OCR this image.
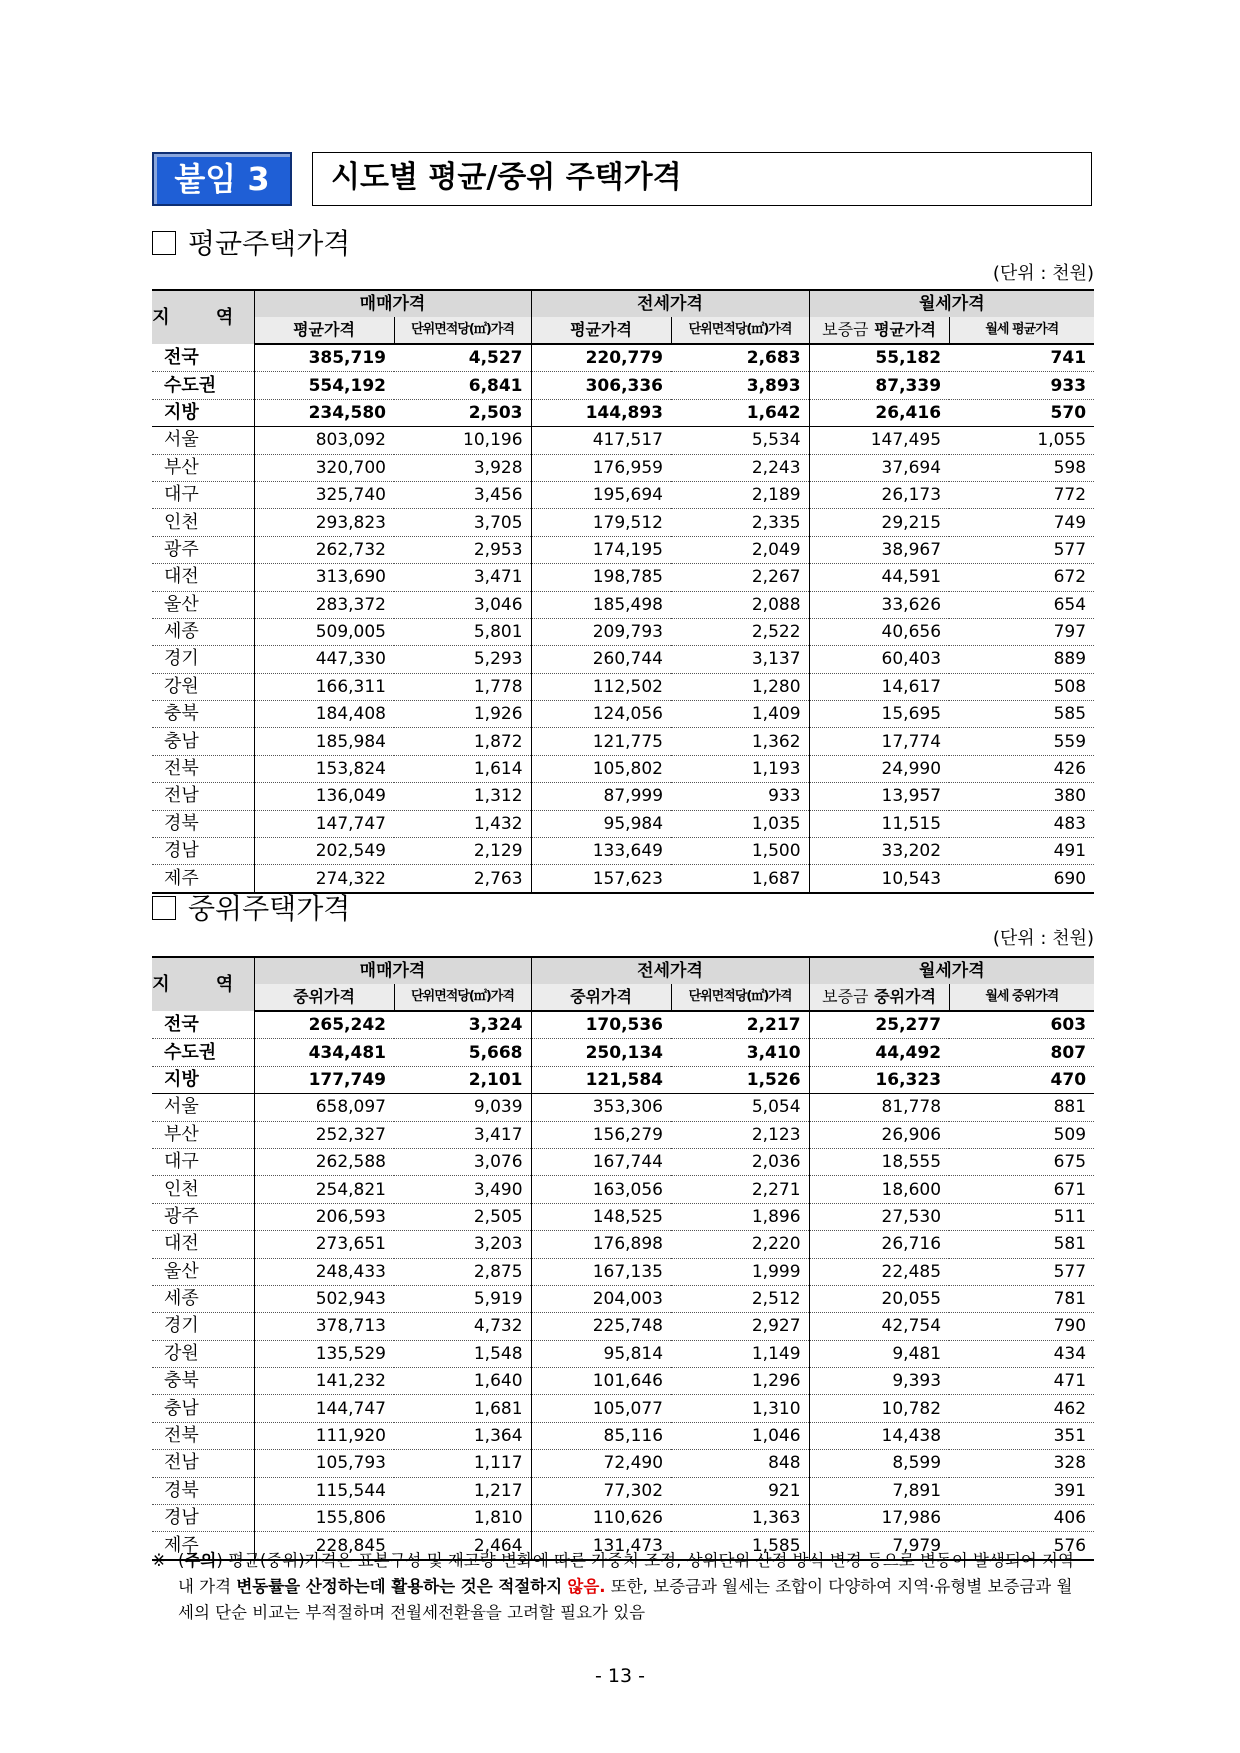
붙임 3	시도별 평균/중위 주택가격
평균주택가격
(단위 : 천원)
지 역	매매가격		전세가격		월세가격	
	평균가격	단위면적당(㎡)가격	평균가격	단위면적당(㎡)가격	보증금 평균가격	월세 평균가격
전국	385,719	4,527	220,779	2,683	55,182	741
수도권	554,192	6,841	306,336	3,893	87,339	933
지방	234,580	2,503	144,893	1,642	26,416	570
서울	803,092	10,196	417,517	5,534	147,495	1,055
부산	320,700	3,928	176,959	2,243	37,694	598
대구	325,740	3,456	195,694	2,189	26,173	772
인천	293,823	3,705	179,512	2,335	29,215	749
광주	262,732	2,953	174,195	2,049	38,967	577
대전	313,690	3,471	198,785	2,267	44,591	672
울산	283,372	3,046	185,498	2,088	33,626	654
세종	509,005	5,801	209,793	2,522	40,656	797
경기	447,330	5,293	260,744	3,137	60,403	889
강원	166,311	1,778	112,502	1,280	14,617	508
충북	184,408	1,926	124,056	1,409	15,695	585
충남	185,984	1,872	121,775	1,362	17,774	559
전북	153,824	1,614	105,802	1,193	24,990	426
전남	136,049	1,312	87,999	933	13,957	380
경북	147,747	1,432	95,984	1,035	11,515	483
경남	202,549	2,129	133,649	1,500	33,202	491
제주	274,322	2,763	157,623	1,687	10,543	690
중위주택가격
(단위 : 천원)
지 역	매매가격		전세가격		월세가격	
	중위가격	단위면적당(㎡)가격	중위가격	단위면적당(㎡)가격	보증금 중위가격	월세 중위가격
전국	265,242	3,324	170,536	2,217	25,277	603
수도권	434,481	5,668	250,134	3,410	44,492	807
지방	177,749	2,101	121,584	1,526	16,323	470
서울	658,097	9,039	353,306	5,054	81,778	881
부산	252,327	3,417	156,279	2,123	26,906	509
대구	262,588	3,076	167,744	2,036	18,555	675
인천	254,821	3,490	163,056	2,271	18,600	671
광주	206,593	2,505	148,525	1,896	27,530	511
대전	273,651	3,203	176,898	2,220	26,716	581
울산	248,433	2,875	167,135	1,999	22,485	577
세종	502,943	5,919	204,003	2,512	20,055	781
경기	378,713	4,732	225,748	2,927	42,754	790
강원	135,529	1,548	95,814	1,149	9,481	434
충북	141,232	1,640	101,646	1,296	9,393	471
충남	144,747	1,681	105,077	1,310	10,782	462
전북	111,920	1,364	85,116	1,046	14,438	351
전남	105,793	1,117	72,490	848	8,599	328
경북	115,544	1,217	77,302	921	7,891	391
경남	155,806	1,810	110,626	1,363	17,986	406
제주	228,845	2,464	131,473	1,585	7,979	576
※ (주의) 평균(중위)가격은 표본구성 및 재고량 변화에 따른 가중치 조정, 상위단위 산정 방식 변경 등으로 변동이 발생되어 지역 내 가격 변동률을 산정하는데 활용하는 것은 적절하지 않음. 또한, 보증금과 월세는 조합이 다양하여 지역·유형별 보증금과 월세의 단순 비교는 부적절하며 전월세전환율을 고려할 필요가 있음
- 13 -
